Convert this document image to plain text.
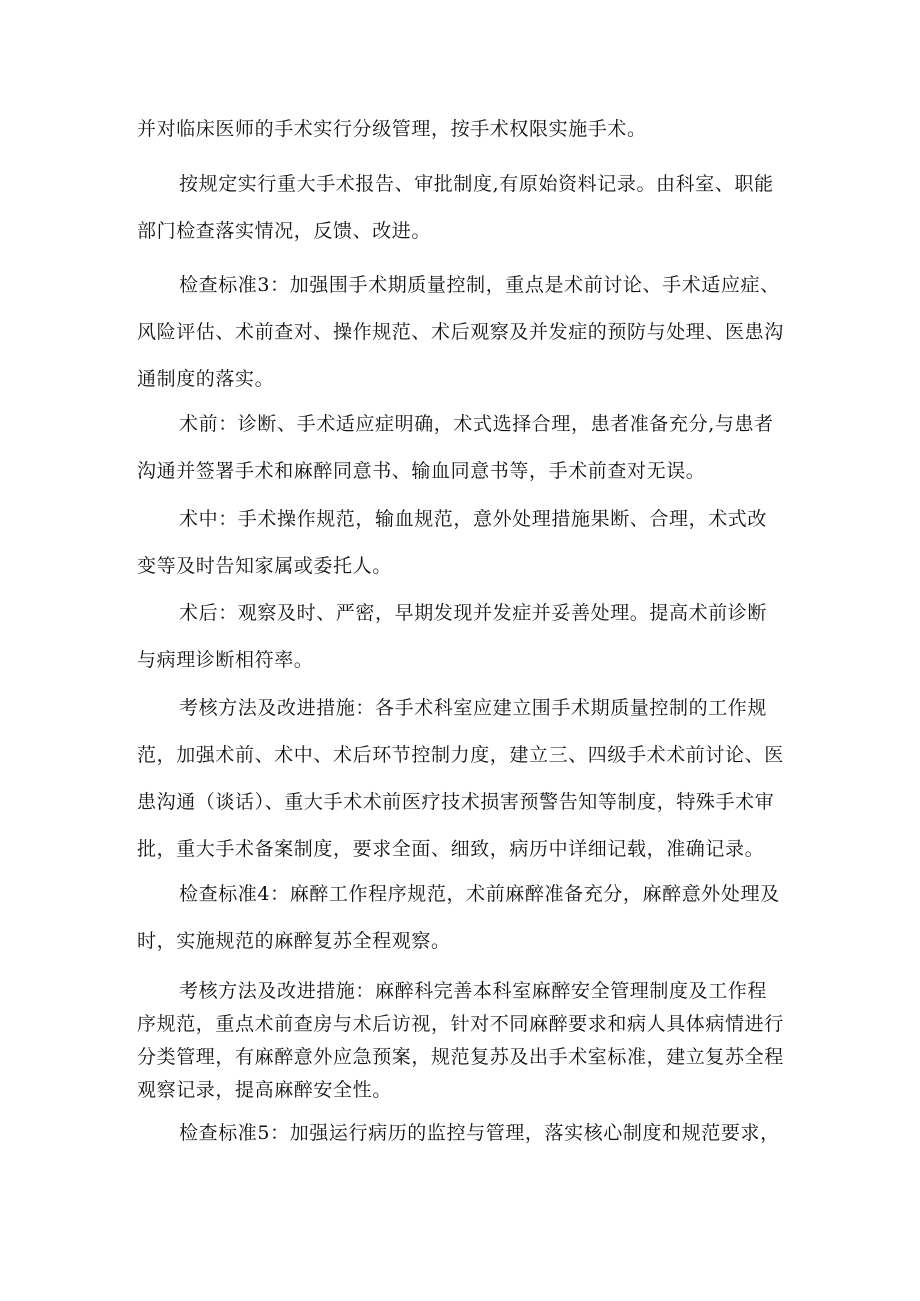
并对临床医师的手术实行分级管理，按手术权限实施手术。

按规定实行重大手术报告、审批制度,有原始资料记录。由科室、职能
部门检查落实情况，反馈、改进。

检查标准3：加强围手术期质量控制，重点是术前讨论、手术适应症、
风险评估、术前查对、操作规范、术后观察及并发症的预防与处理、医患沟
通制度的落实。

术前：诊断、手术适应症明确，术式选择合理，患者准备充分,与患者
沟通并签署手术和麻醉同意书、输血同意书等，手术前查对无误。

术中：手术操作规范，输血规范，意外处理措施果断、合理，术式改
变等及时告知家属或委托人。

术后：观察及时、严密，早期发现并发症并妥善处理。提高术前诊断
与病理诊断相符率。

考核方法及改进措施：各手术科室应建立围手术期质量控制的工作规
范，加强术前、术中、术后环节控制力度，建立三、四级手术术前讨论、医
患沟通（谈话）、重大手术术前医疗技术损害预警告知等制度，特殊手术审
批，重大手术备案制度，要求全面、细致，病历中详细记载，准确记录。

检查标准4：麻醉工作程序规范，术前麻醉准备充分，麻醉意外处理及
时，实施规范的麻醉复苏全程观察。

考核方法及改进措施：麻醉科完善本科室麻醉安全管理制度及工作程
序规范，重点术前查房与术后访视，针对不同麻醉要求和病人具体病情进行
分类管理，有麻醉意外应急预案，规范复苏及出手术室标准，建立复苏全程
观察记录，提高麻醉安全性。

检查标准5：加强运行病历的监控与管理，落实核心制度和规范要求，
